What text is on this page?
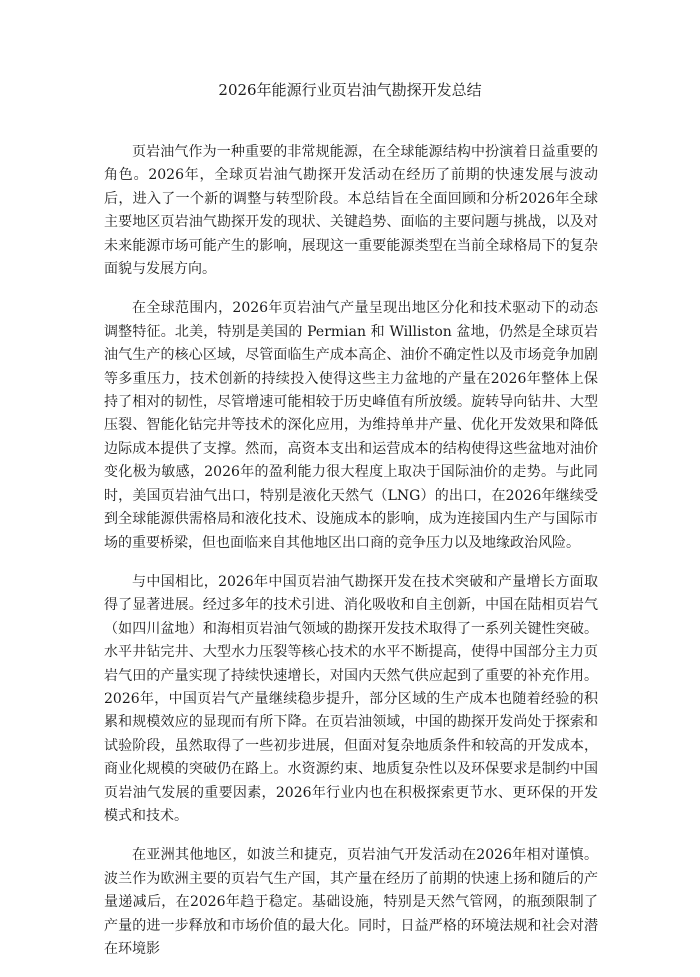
2026年能源行业页岩油气勘探开发总结

页岩油气作为一种重要的非常规能源，在全球能源结构中扮演着日益重要的角色。2026年，全球页岩油气勘探开发活动在经历了前期的快速发展与波动后，进入了一个新的调整与转型阶段。本总结旨在全面回顾和分析2026年全球主要地区页岩油气勘探开发的现状、关键趋势、面临的主要问题与挑战，以及对未来能源市场可能产生的影响，展现这一重要能源类型在当前全球格局下的复杂面貌与发展方向。

在全球范围内，2026年页岩油气产量呈现出地区分化和技术驱动下的动态调整特征。北美，特别是美国的 Permian 和 Williston 盆地，仍然是全球页岩油气生产的核心区域，尽管面临生产成本高企、油价不确定性以及市场竞争加剧等多重压力，技术创新的持续投入使得这些主力盆地的产量在2026年整体上保持了相对的韧性，尽管增速可能相较于历史峰值有所放缓。旋转导向钻井、大型压裂、智能化钻完井等技术的深化应用，为维持单井产量、优化开发效果和降低边际成本提供了支撑。然而，高资本支出和运营成本的结构使得这些盆地对油价变化极为敏感，2026年的盈利能力很大程度上取决于国际油价的走势。与此同时，美国页岩油气出口，特别是液化天然气（LNG）的出口，在2026年继续受到全球能源供需格局和液化技术、设施成本的影响，成为连接国内生产与国际市场的重要桥梁，但也面临来自其他地区出口商的竞争压力以及地缘政治风险。

与中国相比，2026年中国页岩油气勘探开发在技术突破和产量增长方面取得了显著进展。经过多年的技术引进、消化吸收和自主创新，中国在陆相页岩气（如四川盆地）和海相页岩油气领域的勘探开发技术取得了一系列关键性突破。水平井钻完井、大型水力压裂等核心技术的水平不断提高，使得中国部分主力页岩气田的产量实现了持续快速增长，对国内天然气供应起到了重要的补充作用。2026年，中国页岩气产量继续稳步提升，部分区域的生产成本也随着经验的积累和规模效应的显现而有所下降。在页岩油领域，中国的勘探开发尚处于探索和试验阶段，虽然取得了一些初步进展，但面对复杂地质条件和较高的开发成本，商业化规模的突破仍在路上。水资源约束、地质复杂性以及环保要求是制约中国页岩油气发展的重要因素，2026年行业内也在积极探索更节水、更环保的开发模式和技术。

在亚洲其他地区，如波兰和捷克，页岩油气开发活动在2026年相对谨慎。波兰作为欧洲主要的页岩气生产国，其产量在经历了前期的快速上扬和随后的产量递减后，在2026年趋于稳定。基础设施，特别是天然气管网，的瓶颈限制了产量的进一步释放和市场价值的最大化。同时，日益严格的环境法规和社会对潜在环境影
